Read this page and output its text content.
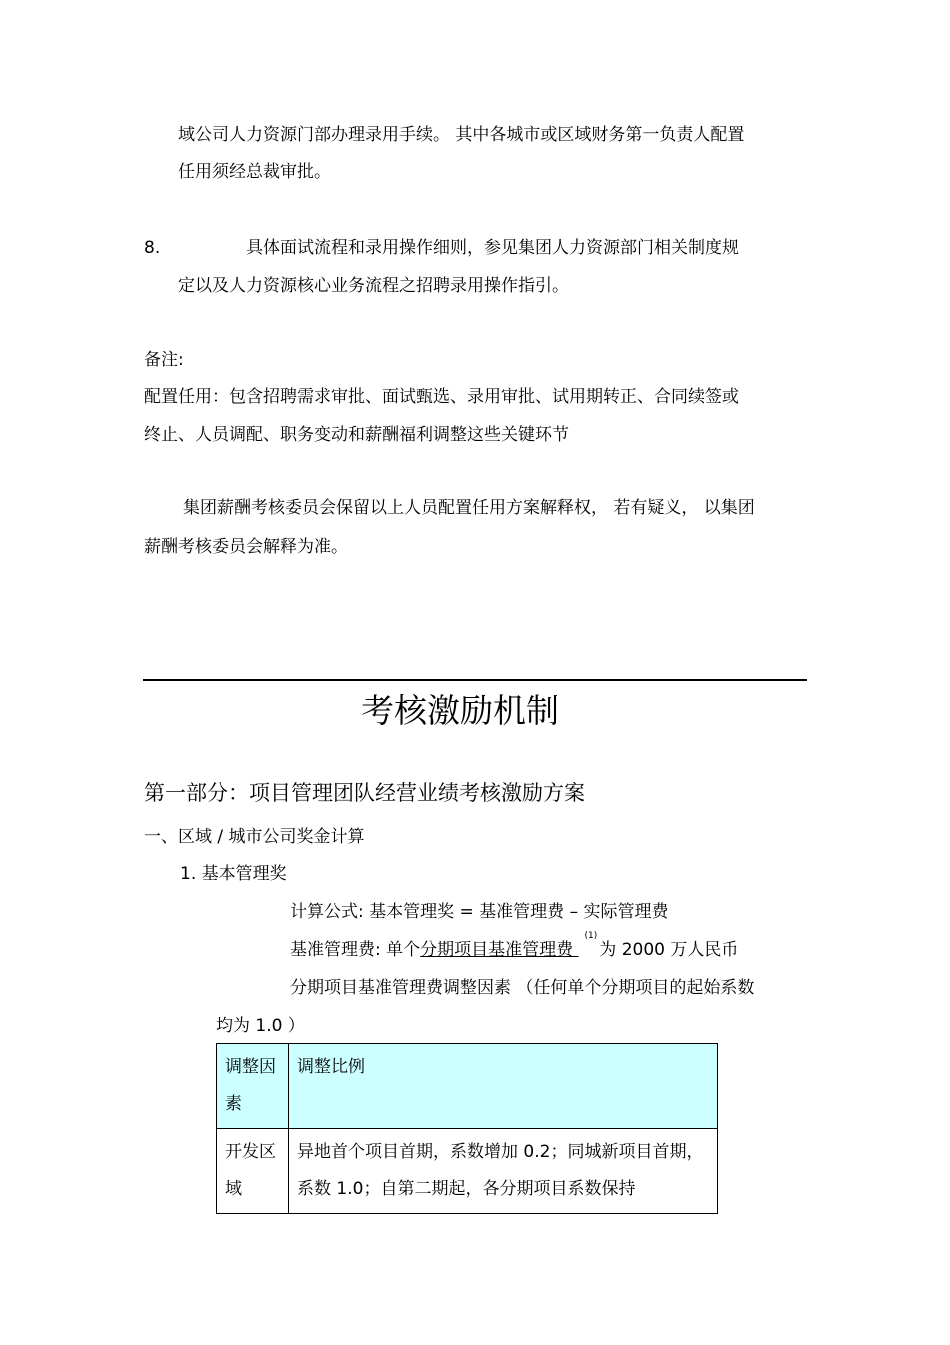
域公司人力资源门部办理录用手续。 其中各城市或区域财务第一负责人配置
任用须经总裁审批。
8.	具体面试流程和录用操作细则，参见集团人力资源部门相关制度规
定以及人力资源核心业务流程之招聘录用操作指引。
备注:
配置任用：包含招聘需求审批、面试甄选、录用审批、试用期转正、合同续签或
终止、人员调配、职务变动和薪酬福利调整这些关键环节
集团薪酬考核委员会保留以上人员配置任用方案解释权， 若有疑义， 以集团
薪酬考核委员会解释为准。
考核激励机制
第一部分：项目管理团队经营业绩考核激励方案
一、区域 / 城市公司奖金计算
1. 基本管理奖
计算公式: 基本管理奖 = 基准管理费 – 实际管理费
基准管理费: 单个分期项目基准管理费 $^{(1)}$为 2000 万人民币
分期项目基准管理费调整因素 （任何单个分期项目的起始系数
均为 1.0 ）
调整因素	调整比例
开发区域	异地首个项目首期，系数增加 0.2；同城新项目首期，系数 1.0；自第二期起，各分期项目系数保持
